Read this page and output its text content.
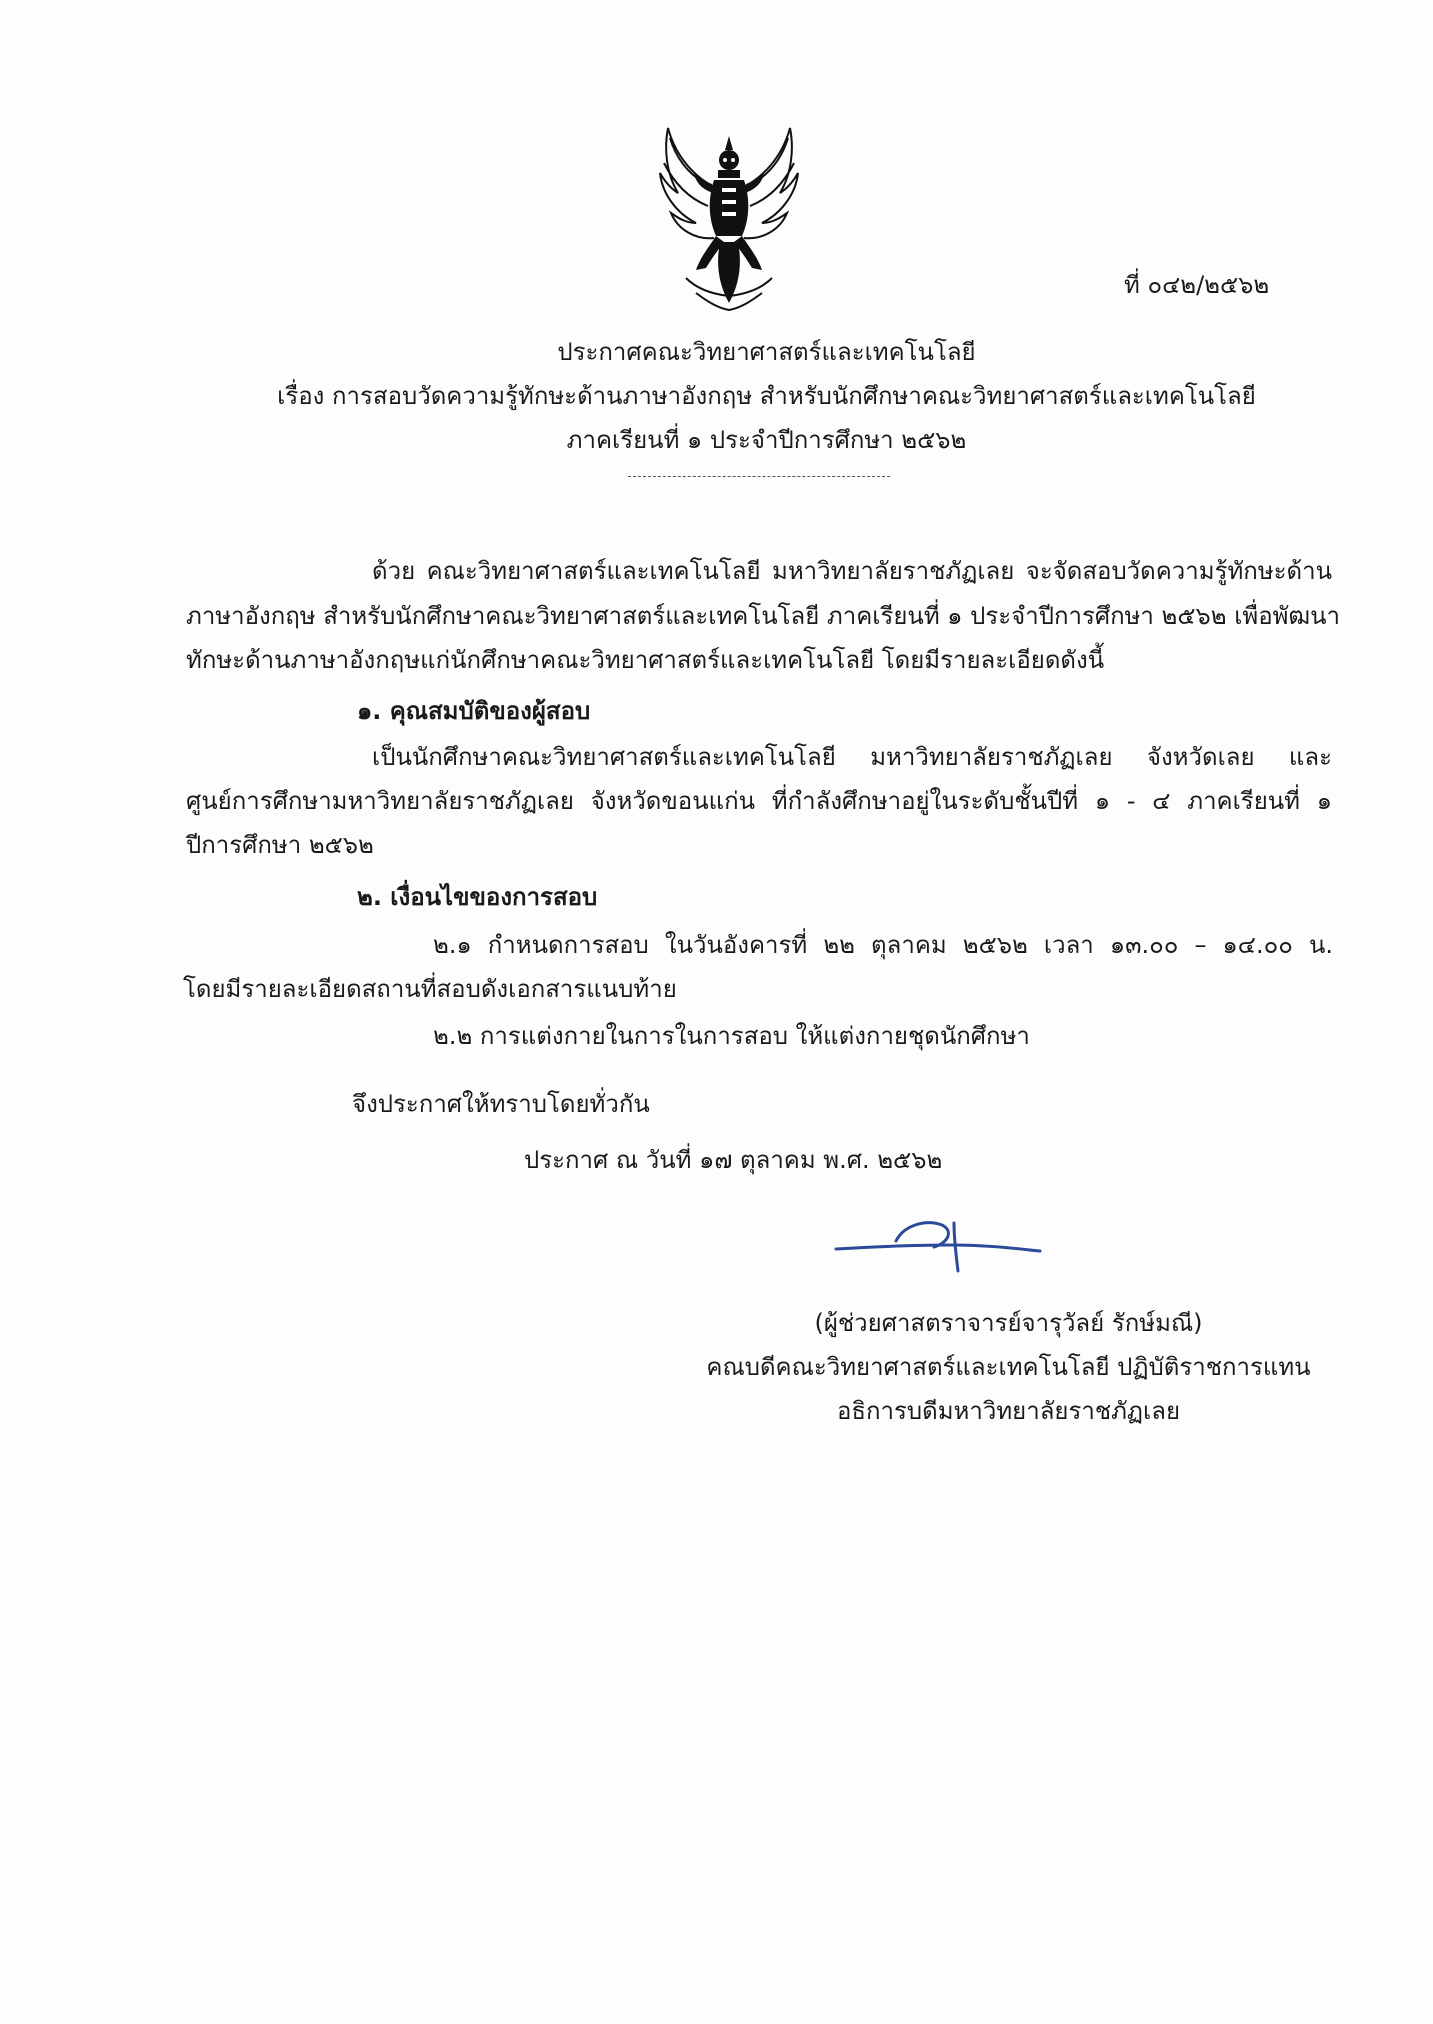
ที่ ๐๔๒/๒๕๖๒
ประกาศคณะวิทยาศาสตร์และเทคโนโลยี
เรื่อง การสอบวัดความรู้ทักษะด้านภาษาอังกฤษ สำหรับนักศึกษาคณะวิทยาศาสตร์และเทคโนโลยี
ภาคเรียนที่ ๑ ประจำปีการศึกษา ๒๕๖๒
ด้วย คณะวิทยาศาสตร์และเทคโนโลยี มหาวิทยาลัยราชภัฏเลย จะจัดสอบวัดความรู้ทักษะด้าน
ภาษาอังกฤษ สำหรับนักศึกษาคณะวิทยาศาสตร์และเทคโนโลยี ภาคเรียนที่ ๑ ประจำปีการศึกษา ๒๕๖๒ เพื่อพัฒนา
ทักษะด้านภาษาอังกฤษแก่นักศึกษาคณะวิทยาศาสตร์และเทคโนโลยี โดยมีรายละเอียดดังนี้
๑. คุณสมบัติของผู้สอบ
เป็นนักศึกษาคณะวิทยาศาสตร์และเทคโนโลยี มหาวิทยาลัยราชภัฏเลย จังหวัดเลย และ
ศูนย์การศึกษามหาวิทยาลัยราชภัฏเลย จังหวัดขอนแก่น ที่กำลังศึกษาอยู่ในระดับชั้นปีที่ ๑ - ๔ ภาคเรียนที่ ๑
ปีการศึกษา ๒๕๖๒
๒. เงื่อนไขของการสอบ
๒.๑ กำหนดการสอบ ในวันอังคารที่ ๒๒ ตุลาคม ๒๕๖๒ เวลา ๑๓.๐๐ – ๑๔.๐๐ น.
โดยมีรายละเอียดสถานที่สอบดังเอกสารแนบท้าย
๒.๒ การแต่งกายในการในการสอบ ให้แต่งกายชุดนักศึกษา
จึงประกาศให้ทราบโดยทั่วกัน
ประกาศ ณ วันที่ ๑๗ ตุลาคม พ.ศ. ๒๕๖๒
(ผู้ช่วยศาสตราจารย์จารุวัลย์ รักษ์มณี)
คณบดีคณะวิทยาศาสตร์และเทคโนโลยี ปฏิบัติราชการแทน
อธิการบดีมหาวิทยาลัยราชภัฏเลย
